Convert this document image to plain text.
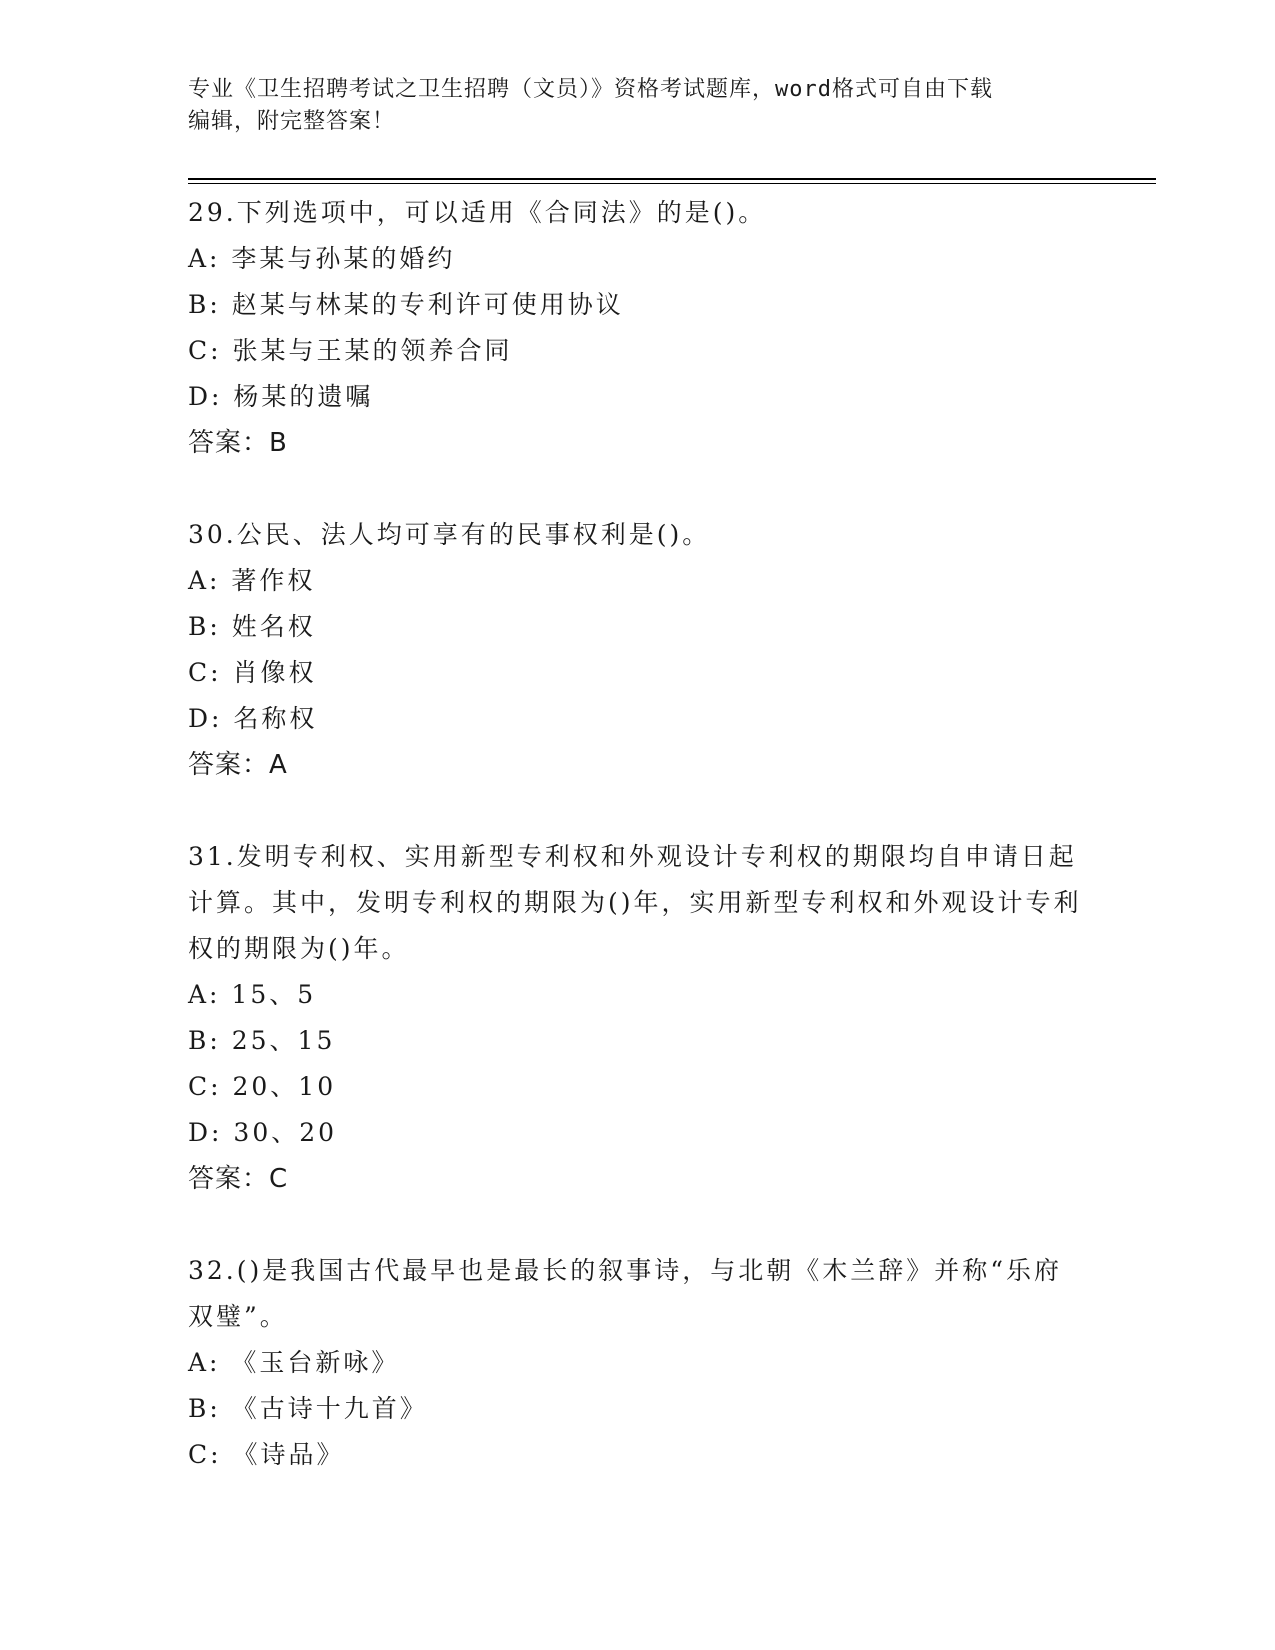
专业《卫生招聘考试之卫生招聘（文员）》资格考试题库，word格式可自由下载
编辑，附完整答案！

29.下列选项中，可以适用《合同法》的是()。

A: 李某与孙某的婚约

B: 赵某与林某的专利许可使用协议

C: 张某与王某的领养合同

D: 杨某的遗嘱

答案：B

30.公民、法人均可享有的民事权利是()。

A: 著作权

B: 姓名权

C: 肖像权

D: 名称权

答案：A

31.发明专利权、实用新型专利权和外观设计专利权的期限均自申请日起计算。其中，发明专利权的期限为()年，实用新型专利权和外观设计专利权的期限为()年。

A: 15、5

B: 25、15

C: 20、10

D: 30、20

答案：C

32.()是我国古代最早也是最长的叙事诗，与北朝《木兰辞》并称“乐府双璧”。

A: 《玉台新咏》

B: 《古诗十九首》

C: 《诗品》
